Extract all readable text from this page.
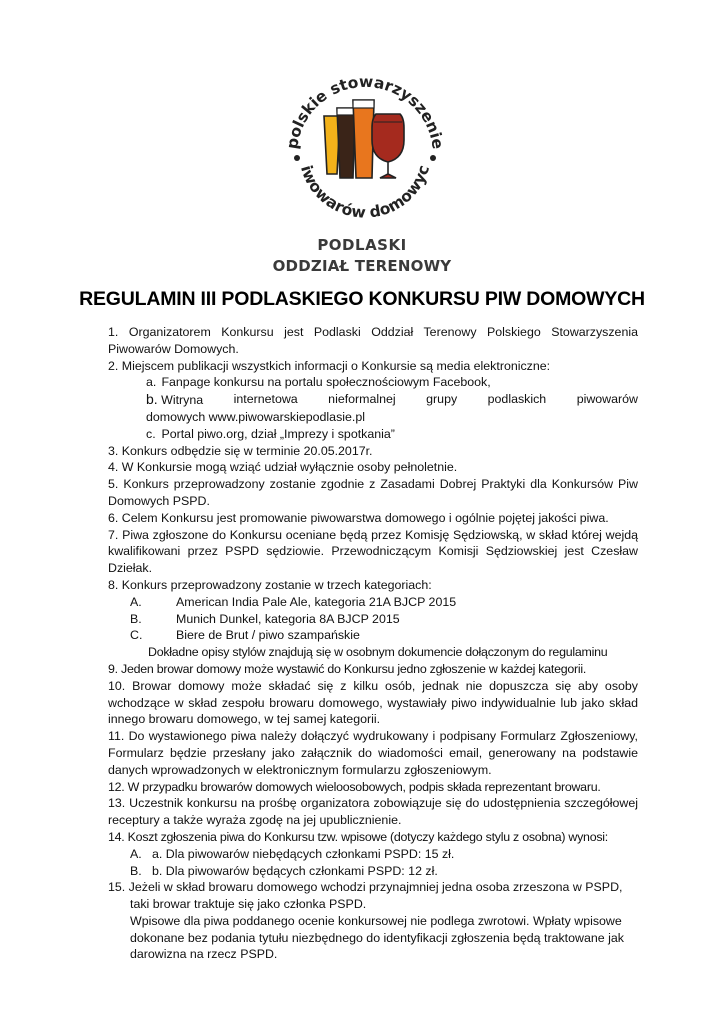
polskie stowarzyszenie
piwowarów domowych
PODLASKI
ODDZIAŁ TERENOWY
REGULAMIN III PODLASKIEGO KONKURSU PIW DOMOWYCH

1. Organizatorem Konkursu jest Podlaski Oddział Terenowy Polskiego Stowarzyszenia Piwowarów Domowych.

2. Miejscem publikacji wszystkich informacji o Konkursie są media elektroniczne:

a. Fanpage konkursu na portalu społecznościowym Facebook,

b. Witryna internetowa nieformalnej grupy podlaskich piwowarów
domowych www.piwowarskiepodlasie.pl

c. Portal piwo.org, dział „Imprezy i spotkania”

3. Konkurs odbędzie się w terminie 20.05.2017r.

4. W Konkursie mogą wziąć udział wyłącznie osoby pełnoletnie.

5. Konkurs przeprowadzony zostanie zgodnie z Zasadami Dobrej Praktyki dla Konkursów Piw Domowych PSPD.

6. Celem Konkursu jest promowanie piwowarstwa domowego i ogólnie pojętej jakości piwa.

7. Piwa zgłoszone do Konkursu oceniane będą przez Komisję Sędziowską, w skład której wejdą kwalifikowani przez PSPD sędziowie. Przewodniczącym Komisji Sędziowskiej jest Czesław Dziełak.

8. Konkurs przeprowadzony zostanie w trzech kategoriach:

A.	American India Pale Ale, kategoria 21A BJCP 2015

B.	Munich Dunkel, kategoria 8A BJCP 2015

C.	Biere de Brut / piwo szampańskie

Dokładne opisy stylów znajdują się w osobnym dokumencie dołączonym do regulaminu

9. Jeden browar domowy może wystawić do Konkursu jedno zgłoszenie w każdej kategorii.

10. Browar domowy może składać się z kilku osób, jednak nie dopuszcza się aby osoby wchodzące w skład zespołu browaru domowego, wystawiały piwo indywidualnie lub jako skład innego browaru domowego, w tej samej kategorii.

11. Do wystawionego piwa należy dołączyć wydrukowany i podpisany Formularz Zgłoszeniowy, Formularz będzie przesłany jako załącznik do wiadomości email, generowany na podstawie danych wprowadzonych w elektronicznym formularzu zgłoszeniowym.

12. W przypadku browarów domowych wieloosobowych, podpis składa reprezentant browaru.

13. Uczestnik konkursu na prośbę organizatora zobowiązuje się do udostępnienia szczegółowej receptury a także wyraża zgodę na jej upublicznienie.

14. Koszt zgłoszenia piwa do Konkursu tzw. wpisowe (dotyczy każdego stylu z osobna) wynosi:

A. a. Dla piwowarów niebędących członkami PSPD: 15 zł.

B. b. Dla piwowarów będących członkami PSPD: 12 zł.

15. Jeżeli w skład browaru domowego wchodzi przynajmniej jedna osoba zrzeszona w PSPD, taki browar traktuje się jako członka PSPD.

Wpisowe dla piwa poddanego ocenie konkursowej nie podlega zwrotowi. Wpłaty wpisowe dokonane bez podania tytułu niezbędnego do identyfikacji zgłoszenia będą traktowane jak darowizna na rzecz PSPD.
